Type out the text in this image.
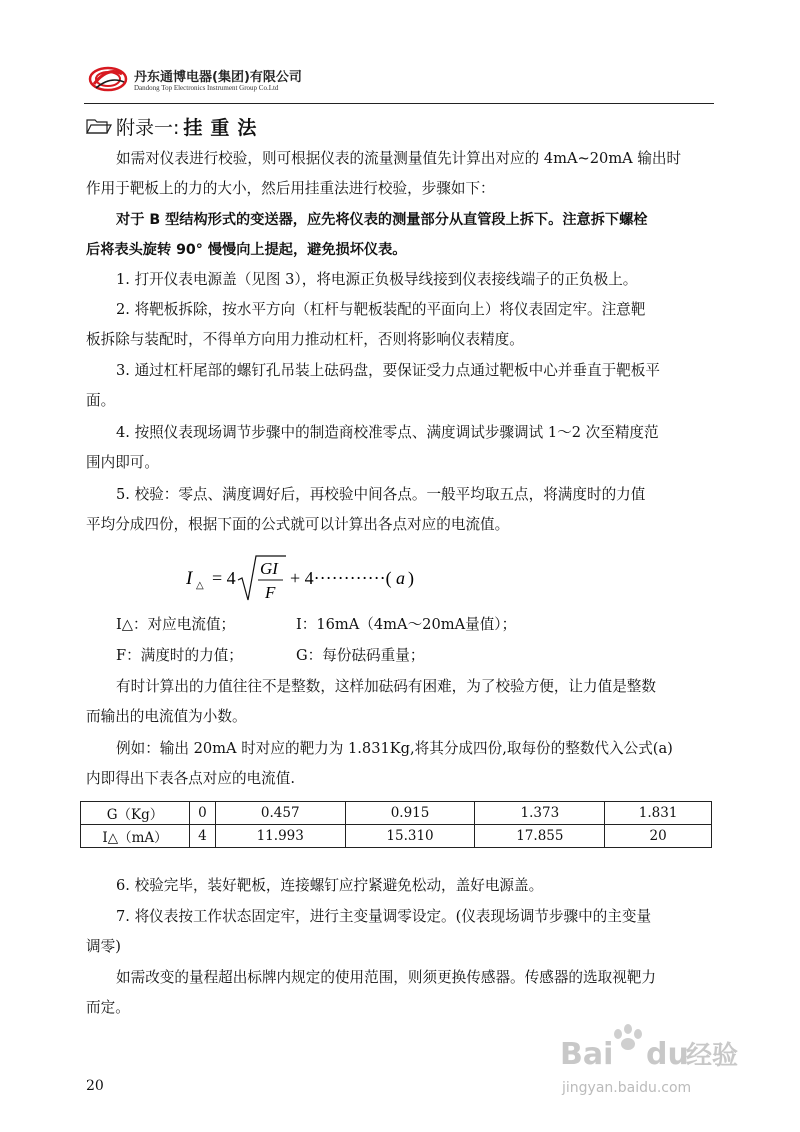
丹东通博电器(集团)有限公司
Dandong Top Electronics Instrument Group Co.Ltd
附录一: 挂重法
如需对仪表进行校验，则可根据仪表的流量测量值先计算出对应的 4mA~20mA 输出时
作用于靶板上的力的大小，然后用挂重法进行校验，步骤如下：
对于 B 型结构形式的变送器，应先将仪表的测量部分从直管段上拆下。注意拆下螺栓
后将表头旋转 90° 慢慢向上提起，避免损坏仪表。
1. 打开仪表电源盖（见图 3），将电源正负极导线接到仪表接线端子的正负极上。
2. 将靶板拆除，按水平方向（杠杆与靶板装配的平面向上）将仪表固定牢。注意靶
板拆除与装配时，不得单方向用力推动杠杆，否则将影响仪表精度。
3. 通过杠杆尾部的螺钉孔吊装上砝码盘，要保证受力点通过靶板中心并垂直于靶板平
面。
4. 按照仪表现场调节步骤中的制造商校准零点、满度调试步骤调试 1～2 次至精度范
围内即可。
5. 校验：零点、满度调好后，再校验中间各点。一般平均取五点，将满度时的力值
平均分成四份，根据下面的公式就可以计算出各点对应的电流值。
I △ = 4 GI
F
+ 4············( a )
I△：对应电流值；	I：16mA（4mA～20mA量值）；
F：满度时的力值；	G：每份砝码重量；
有时计算出的力值往往不是整数，这样加砝码有困难，为了校验方便，让力值是整数
而输出的电流值为小数。
例如：输出 20mA 时对应的靶力为 1.831Kg,将其分成四份,取每份的整数代入公式(a)
内即得出下表各点对应的电流值.
G（Kg）	0	0.457	0.915	1.373	1.831
I△（mA）	4	11.993	15.310	17.855	20
6. 校验完毕，装好靶板，连接螺钉应拧紧避免松动，盖好电源盖。
7. 将仪表按工作状态固定牢，进行主变量调零设定。(仪表现场调节步骤中的主变量
调零)
如需改变的量程超出标牌内规定的使用范围，则须更换传感器。传感器的选取视靶力
而定。
20
Bai du
经验
jingyan.baidu.com
